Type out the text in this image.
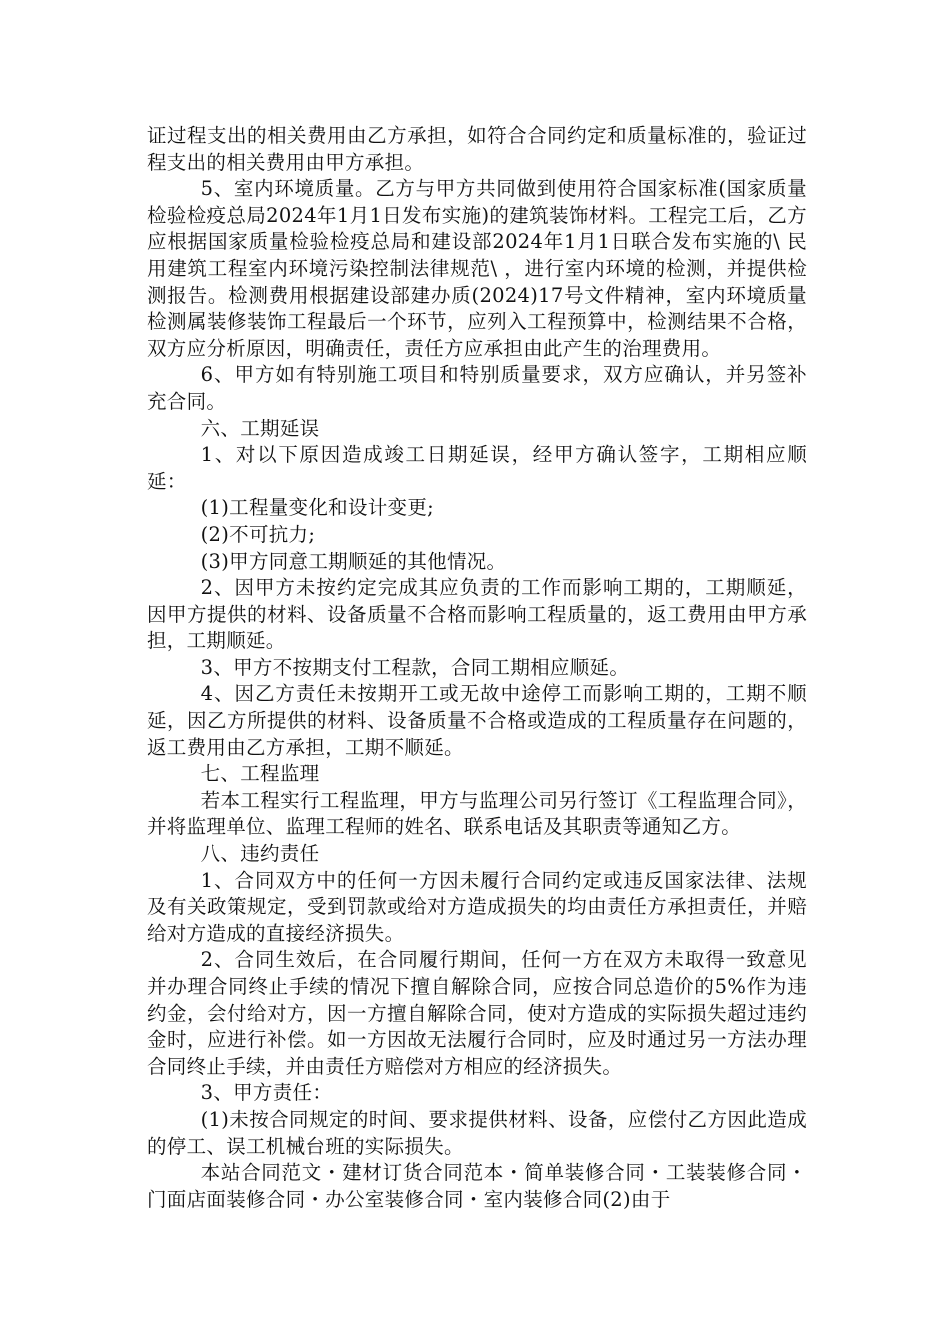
证过程支出的相关费用由乙方承担，如符合合同约定和质量标准的，验证过程支出的相关费用由甲方承担。

5、室内环境质量。乙方与甲方共同做到使用符合国家标准(国家质量检验检疫总局2024年1月1日发布实施)的建筑装饰材料。工程完工后，乙方应根据国家质量检验检疫总局和建设部2024年1月1日联合发布实施的\ 民用建筑工程室内环境污染控制法律规范\ ，进行室内环境的检测，并提供检测报告。检测费用根据建设部建办质(2024)17号文件精神，室内环境质量检测属装修装饰工程最后一个环节，应列入工程预算中，检测结果不合格，双方应分析原因，明确责任，责任方应承担由此产生的治理费用。

6、甲方如有特别施工项目和特别质量要求，双方应确认，并另签补充合同。

六、工期延误

1、对以下原因造成竣工日期延误，经甲方确认签字，工期相应顺延：

(1)工程量变化和设计变更;

(2)不可抗力;

(3)甲方同意工期顺延的其他情况。

2、因甲方未按约定完成其应负责的工作而影响工期的，工期顺延，因甲方提供的材料、设备质量不合格而影响工程质量的，返工费用由甲方承担，工期顺延。

3、甲方不按期支付工程款，合同工期相应顺延。

4、因乙方责任未按期开工或无故中途停工而影响工期的，工期不顺延，因乙方所提供的材料、设备质量不合格或造成的工程质量存在问题的，返工费用由乙方承担，工期不顺延。

七、工程监理

若本工程实行工程监理，甲方与监理公司另行签订《工程监理合同》，并将监理单位、监理工程师的姓名、联系电话及其职责等通知乙方。

八、违约责任

1、合同双方中的任何一方因未履行合同约定或违反国家法律、法规及有关政策规定，受到罚款或给对方造成损失的均由责任方承担责任，并赔给对方造成的直接经济损失。

2、合同生效后，在合同履行期间，任何一方在双方未取得一致意见并办理合同终止手续的情况下擅自解除合同，应按合同总造价的5%作为违约金，会付给对方，因一方擅自解除合同，使对方造成的实际损失超过违约金时，应进行补偿。如一方因故无法履行合同时，应及时通过另一方法办理合同终止手续，并由责任方赔偿对方相应的经济损失。

3、甲方责任：

(1)未按合同规定的时间、要求提供材料、设备，应偿付乙方因此造成的停工、误工机械台班的实际损失。

本站合同范文・建材订货合同范本・简单装修合同・工装装修合同・门面店面装修合同・办公室装修合同・室内装修合同(2)由于
